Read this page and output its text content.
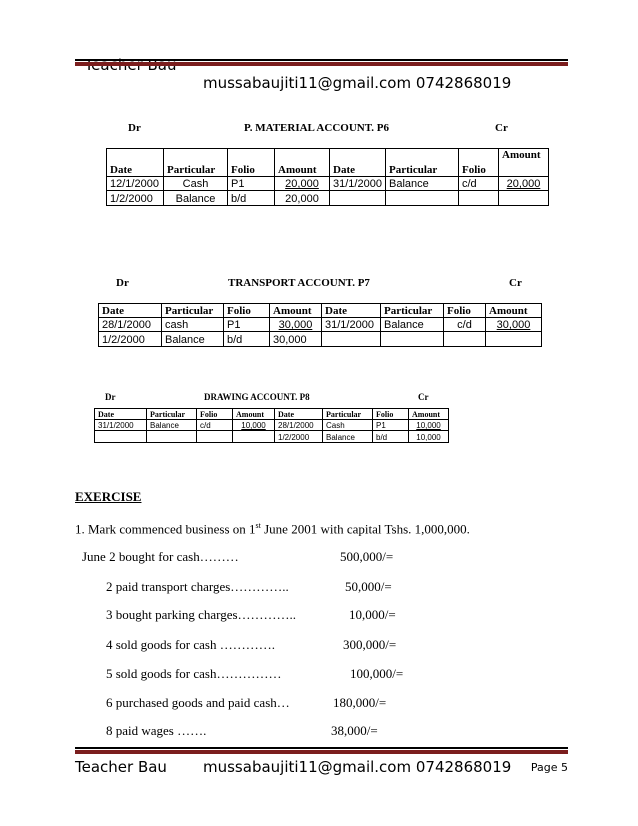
mussabaujiti11@gmail.com 0742868019

Dr	P. MATERIAL ACCOUNT. P6	Cr
Date	Particular	Folio	Amount	Date	Particular	Folio	Amount
12/1/2000	Cash	P1	20,000	31/1/2000	Balance	c/d	20,000
1/2/2000	Balance	b/d	20,000				
Dr	TRANSPORT ACCOUNT. P7	Cr
Date	Particular	Folio	Amount	Date	Particular	Folio	Amount
28/1/2000	cash	P1	30,000	31/1/2000	Balance	c/d	30,000
1/2/2000	Balance	b/d	30,000				
Dr	DRAWING ACCOUNT. P8	Cr
Date	Particular	Folio	Amount	Date	Particular	Folio	Amount
31/1/2000	Balance	c/d	10,000	28/1/2000	Cash	P1	10,000
				1/2/2000	Balance	b/d	10,000
EXERCISE
1. Mark commenced business on 1st June 2001 with capital Tshs. 1,000,000.
June 2 bought for cash………	500,000/=
2 paid transport charges…………..	50,000/=
3 bought parking charges…………..	10,000/=
4 sold goods for cash ………….	300,000/=
5 sold goods for cash……………	100,000/=
6 purchased goods and paid cash…	180,000/=
8 paid wages …….	38,000/=
Teacher Bau mussabaujiti11@gmail.com 0742868019 Page 5
